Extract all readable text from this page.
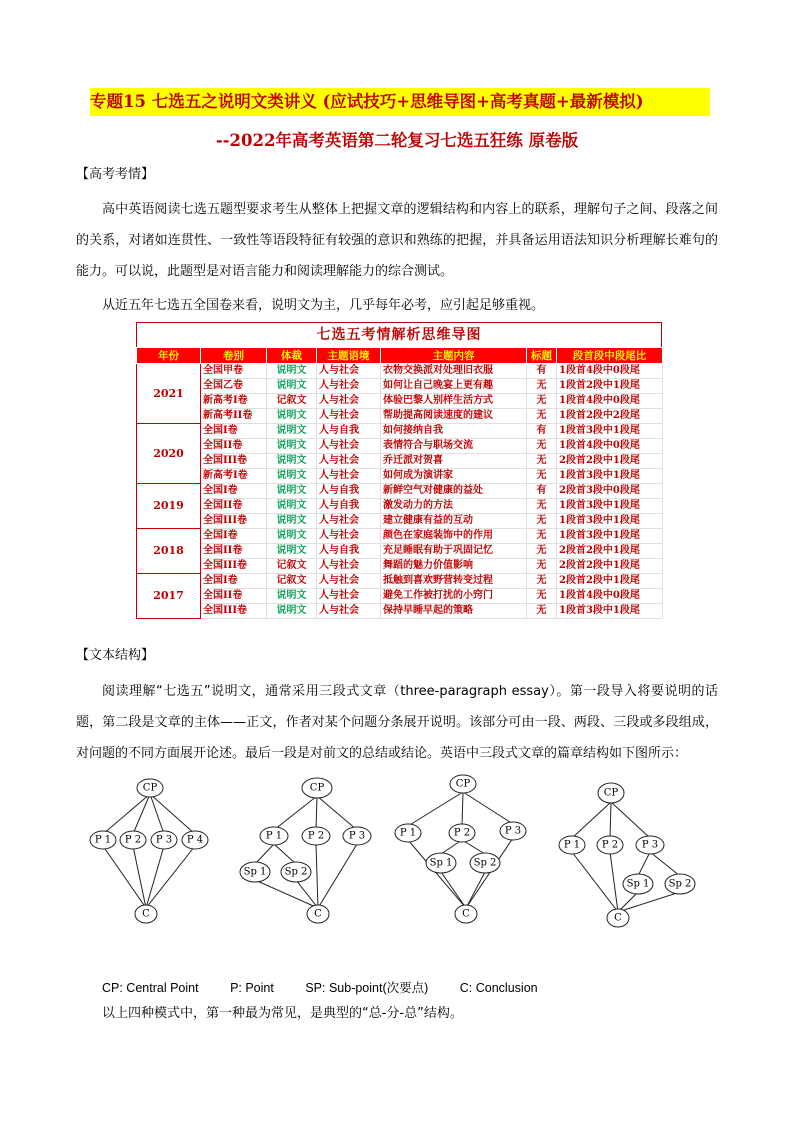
专题15 七选五之说明文类讲义 (应试技巧+思维导图+高考真题+最新模拟)
--2022年高考英语第二轮复习七选五狂练 原卷版
【高考考情】
高中英语阅读七选五题型要求考生从整体上把握文章的逻辑结构和内容上的联系，理解句子之间、段落之间的关系，对诸如连贯性、一致性等语段特征有较强的意识和熟练的把握，并具备运用语法知识分析理解长难句的能力。可以说，此题型是对语言能力和阅读理解能力的综合测试。
从近五年七选五全国卷来看，说明文为主，几乎每年必考，应引起足够重视。
七选五考情解析思维导图
年份	卷别	体裁	主题语境	主题内容	标题	段首段中段尾比
2021	全国甲卷	说明文	人与社会	衣物交换派对处理旧衣服	有	1段首4段中0段尾
	全国乙卷	说明文	人与社会	如何让自己晚宴上更有趣	无	1段首2段中1段尾
	新高考I卷	记叙文	人与社会	体验巴黎人别样生活方式	无	1段首4段中0段尾
	新高考II卷	说明文	人与社会	帮助提高阅读速度的建议	无	1段首2段中2段尾
2020	全国I卷	说明文	人与自我	如何接纳自我	有	1段首3段中1段尾
	全国II卷	说明文	人与社会	表情符合与职场交流	无	1段首4段中0段尾
	全国III卷	说明文	人与社会	乔迁派对贺喜	无	2段首2段中1段尾
	新高考I卷	说明文	人与社会	如何成为演讲家	无	1段首3段中1段尾
2019	全国I卷	说明文	人与自我	新鲜空气对健康的益处	有	2段首3段中0段尾
	全国II卷	说明文	人与自我	激发动力的方法	无	1段首3段中1段尾
	全国III卷	说明文	人与社会	建立健康有益的互动	无	1段首3段中1段尾
2018	全国I卷	说明文	人与社会	颜色在家庭装饰中的作用	无	1段首3段中1段尾
	全国II卷	说明文	人与自我	充足睡眠有助于巩固记忆	无	2段首2段中1段尾
	全国III卷	记叙文	人与社会	舞蹈的魅力价值影响	无	2段首2段中1段尾
2017	全国I卷	记叙文	人与社会	抵触到喜欢野营转变过程	无	2段首2段中1段尾
	全国II卷	说明文	人与社会	避免工作被打扰的小窍门	无	1段首4段中0段尾
	全国III卷	说明文	人与社会	保持早睡早起的策略	无	1段首3段中1段尾
【文本结构】
阅读理解“七选五”说明文，通常采用三段式文章（three-paragraph essay）。第一段导入将要说明的话题，第二段是文章的主体——正文，作者对某个问题分条展开说明。该部分可由一段、两段、三段或多段组成，对问题的不同方面展开论述。最后一段是对前文的总结或结论。英语中三段式文章的篇章结构如下图所示：
CP
P 1 P 2 P 3 P 4
C
CP
P 1	P 2 P 3
Sp 1 Sp 2
C
CP
P 1	P 2	P 3
Sp 1 Sp 2
C
CP
P 1 P 2 P 3
Sp 1 Sp 2
C
CP: Central Point	P: Point	SP: Sub-point(次要点)	C: Conclusion
以上四种模式中，第一种最为常见，是典型的“总-分-总”结构。
